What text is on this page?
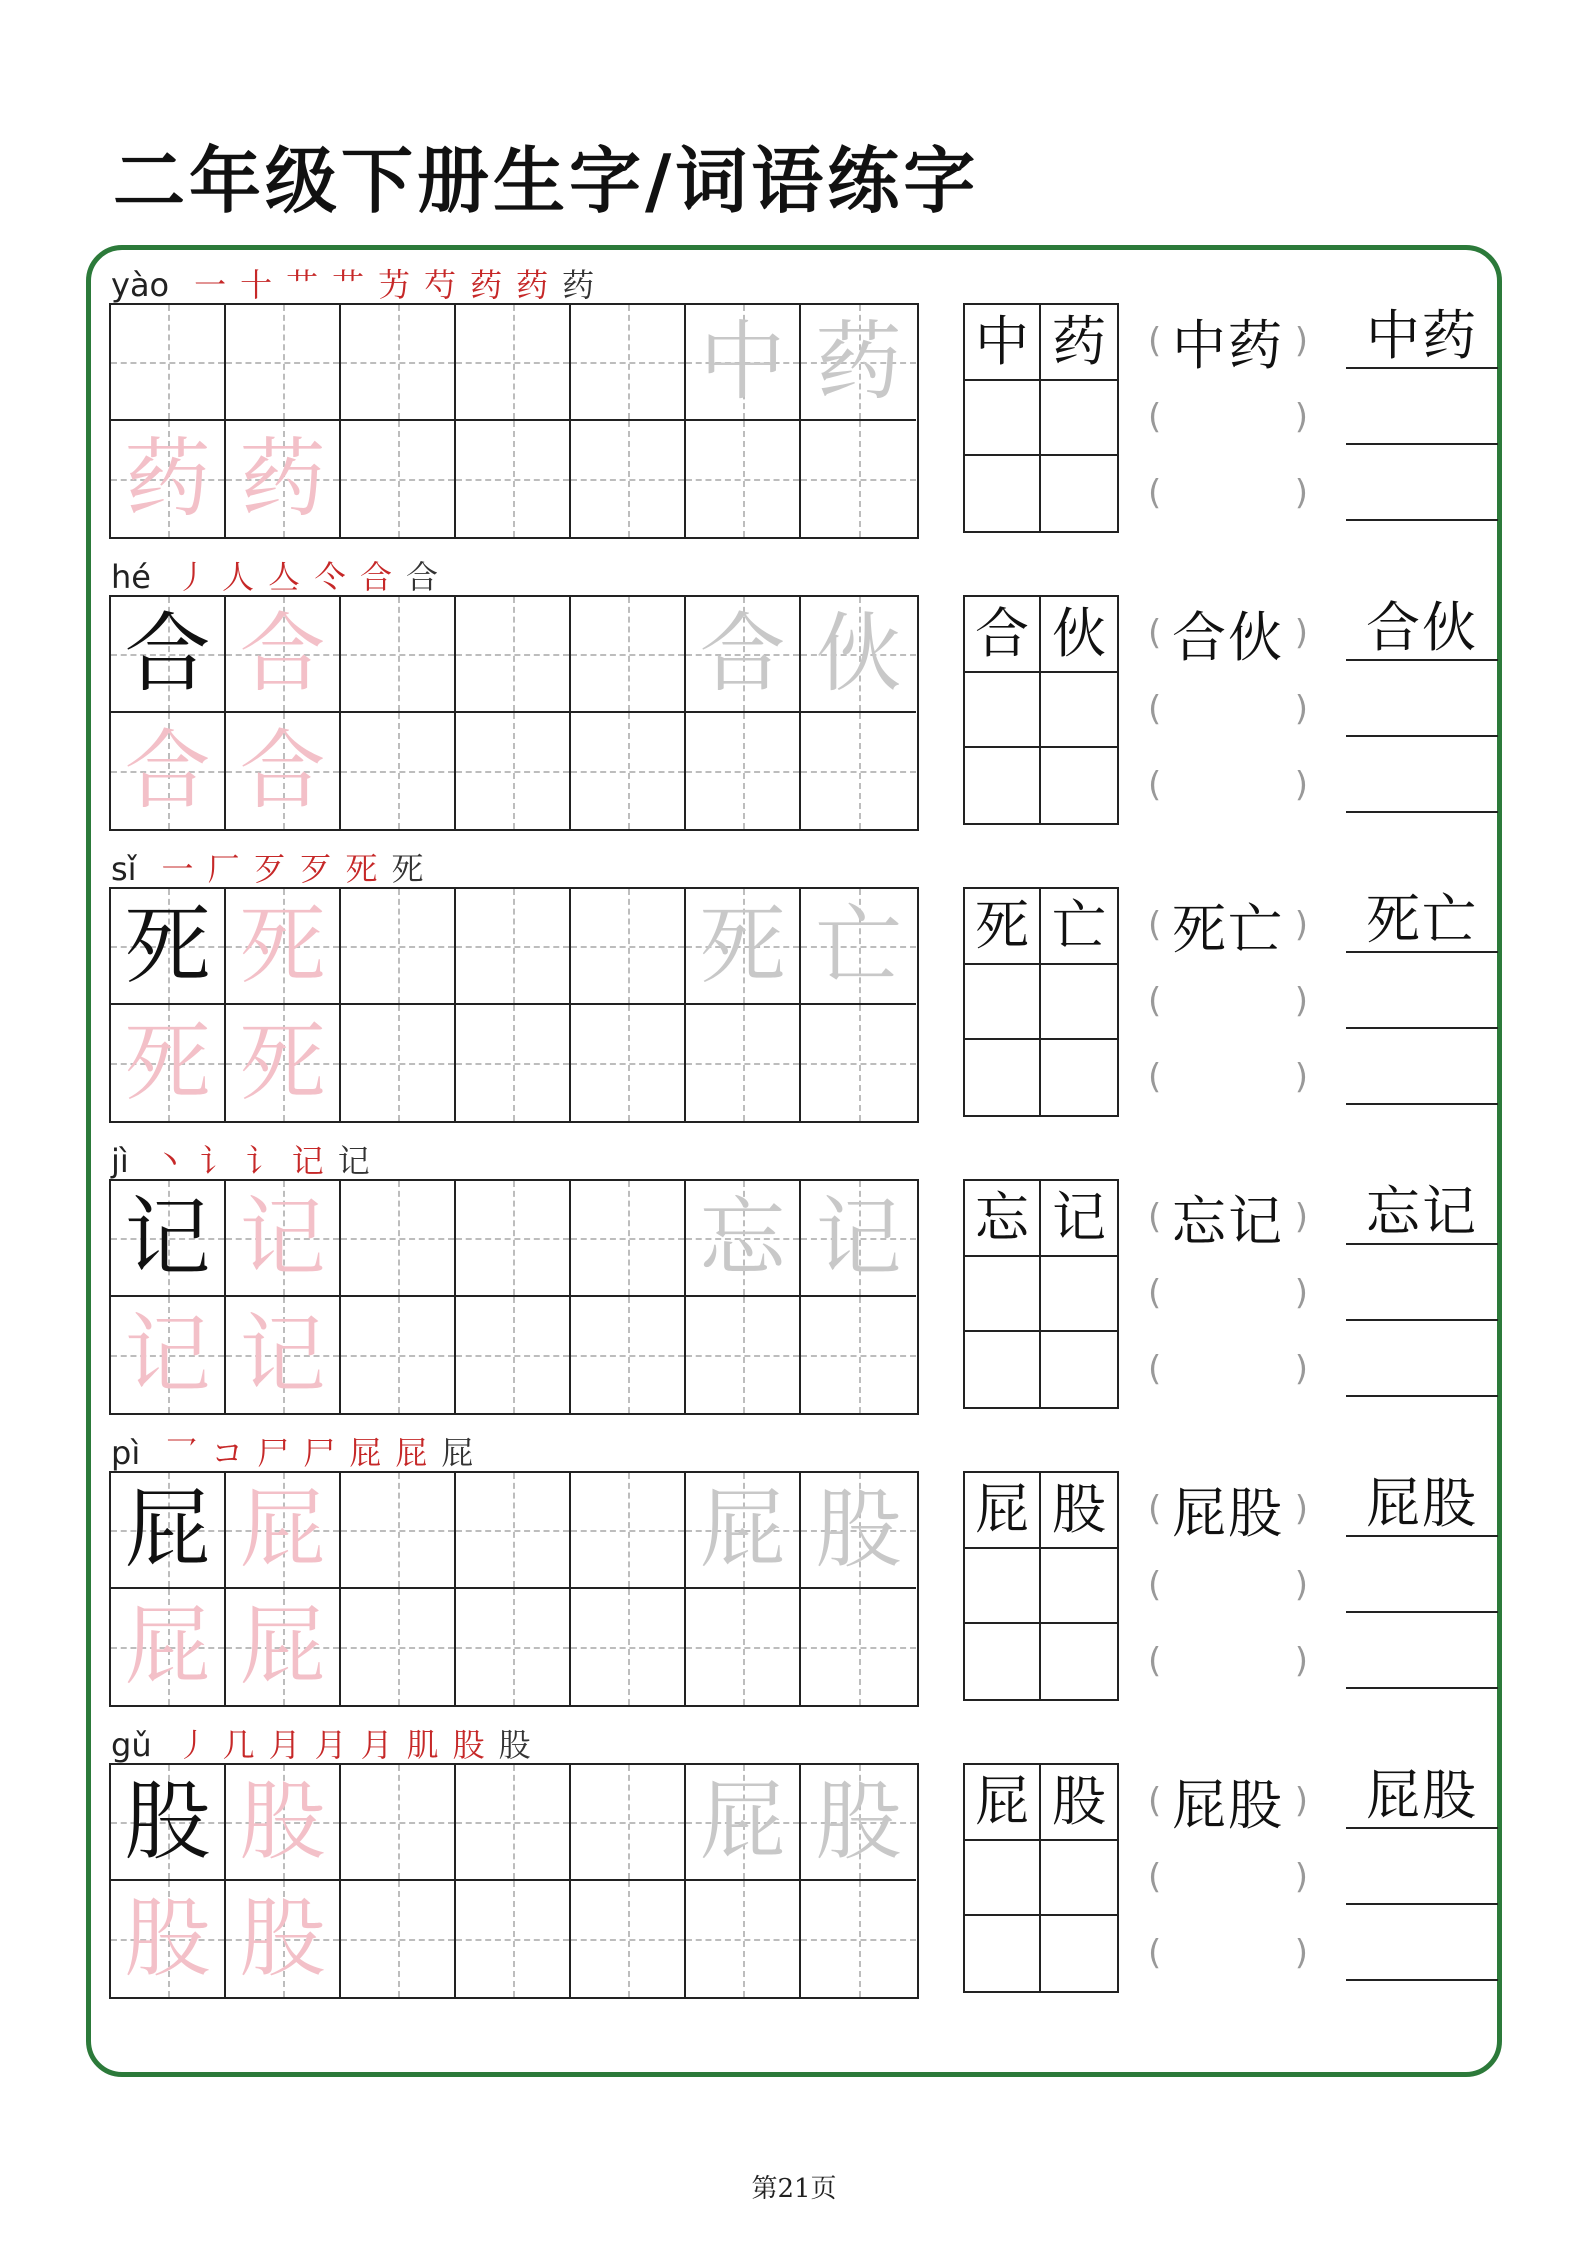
二年级下册生字/词语练字
yào 一 十 艹 艹 艻 芍 药 药 药
中 药
药 药
中 药 ( 中药 )
(	)
(	)
中药
hé 丿 人 亼 仒 合 合
合 合	合 伙
合 合
合 伙 ( 合伙 )
(	)
(	)
合伙
sǐ 一 厂 歹 歹 死 死
死 死	死 亡
死 死
死 亡 ( 死亡 )
(	)
(	)
死亡
jì 丶 讠 讠 记 记
记 记	忘 记
记 记
忘 记 ( 忘记 )
(	)
(	)
忘记
pì 乛 コ 尸 尸 屁 屁 屁
屁 屁	屁 股
屁 屁
屁 股 ( 屁股 )
(	)
(	)
屁股
gǔ 丿 几 月 月 月 肌 股 股
股 股	屁 股
股 股
屁 股 ( 屁股 )
(	)
(	)
屁股
第21页
